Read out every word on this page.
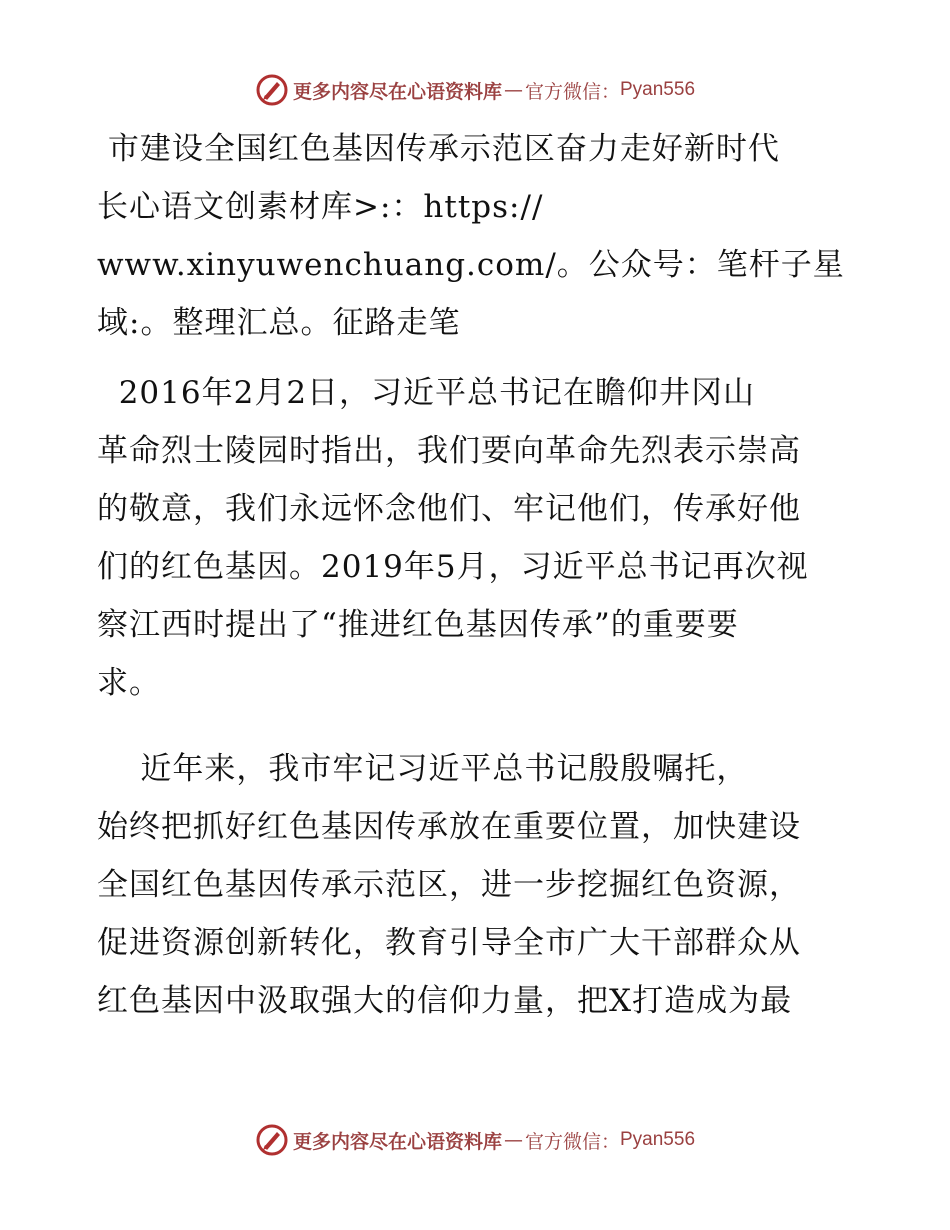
更多内容尽在心语资料库 — 官方微信： Pyan556
市建设全国红色基因传承示范区奋力走好新时代
长心语文创素材库>:：https://
www.xinyuwenchuang.com/。公众号：笔杆子星
域:。整理汇总。征路走笔
2016年2月2日，习近平总书记在瞻仰井冈山
革命烈士陵园时指出，我们要向革命先烈表示崇高
的敬意，我们永远怀念他们、牢记他们，传承好他
们的红色基因。2019年5月，习近平总书记再次视
察江西时提出了“推进红色基因传承”的重要要
求。
近年来，我市牢记习近平总书记殷殷嘱托，
始终把抓好红色基因传承放在重要位置，加快建设
全国红色基因传承示范区，进一步挖掘红色资源，
促进资源创新转化，教育引导全市广大干部群众从
红色基因中汲取强大的信仰力量，把X打造成为最
更多内容尽在心语资料库 — 官方微信： Pyan556
